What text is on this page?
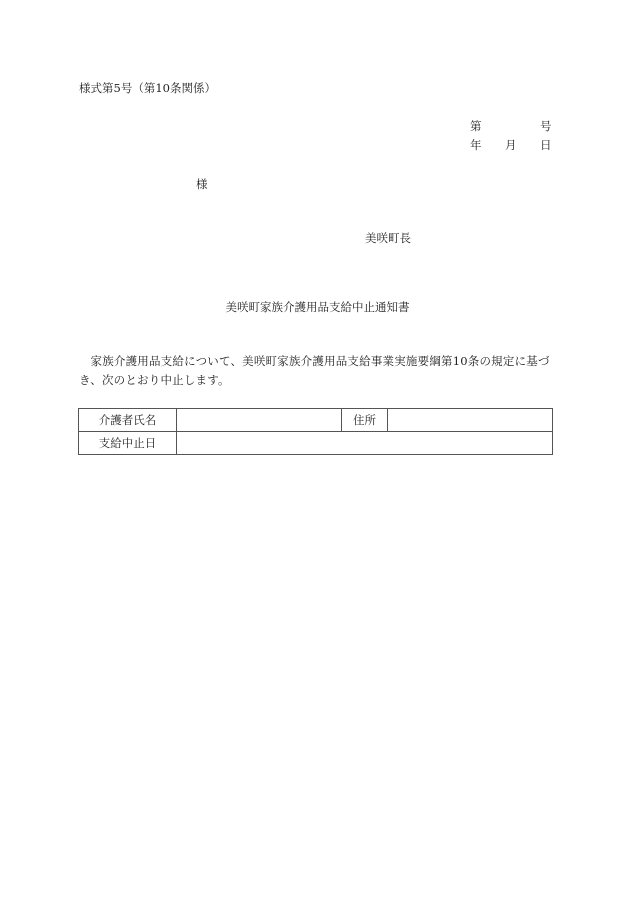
様式第5号（第10条関係）
第	号
年 月 日
様
美咲町長
美咲町家族介護用品支給中止通知書
家族介護用品支給について、美咲町家族介護用品支給事業実施要綱第10条の規定に基づき、次のとおり中止します。
介護者氏名		住所	
支給中止日			
